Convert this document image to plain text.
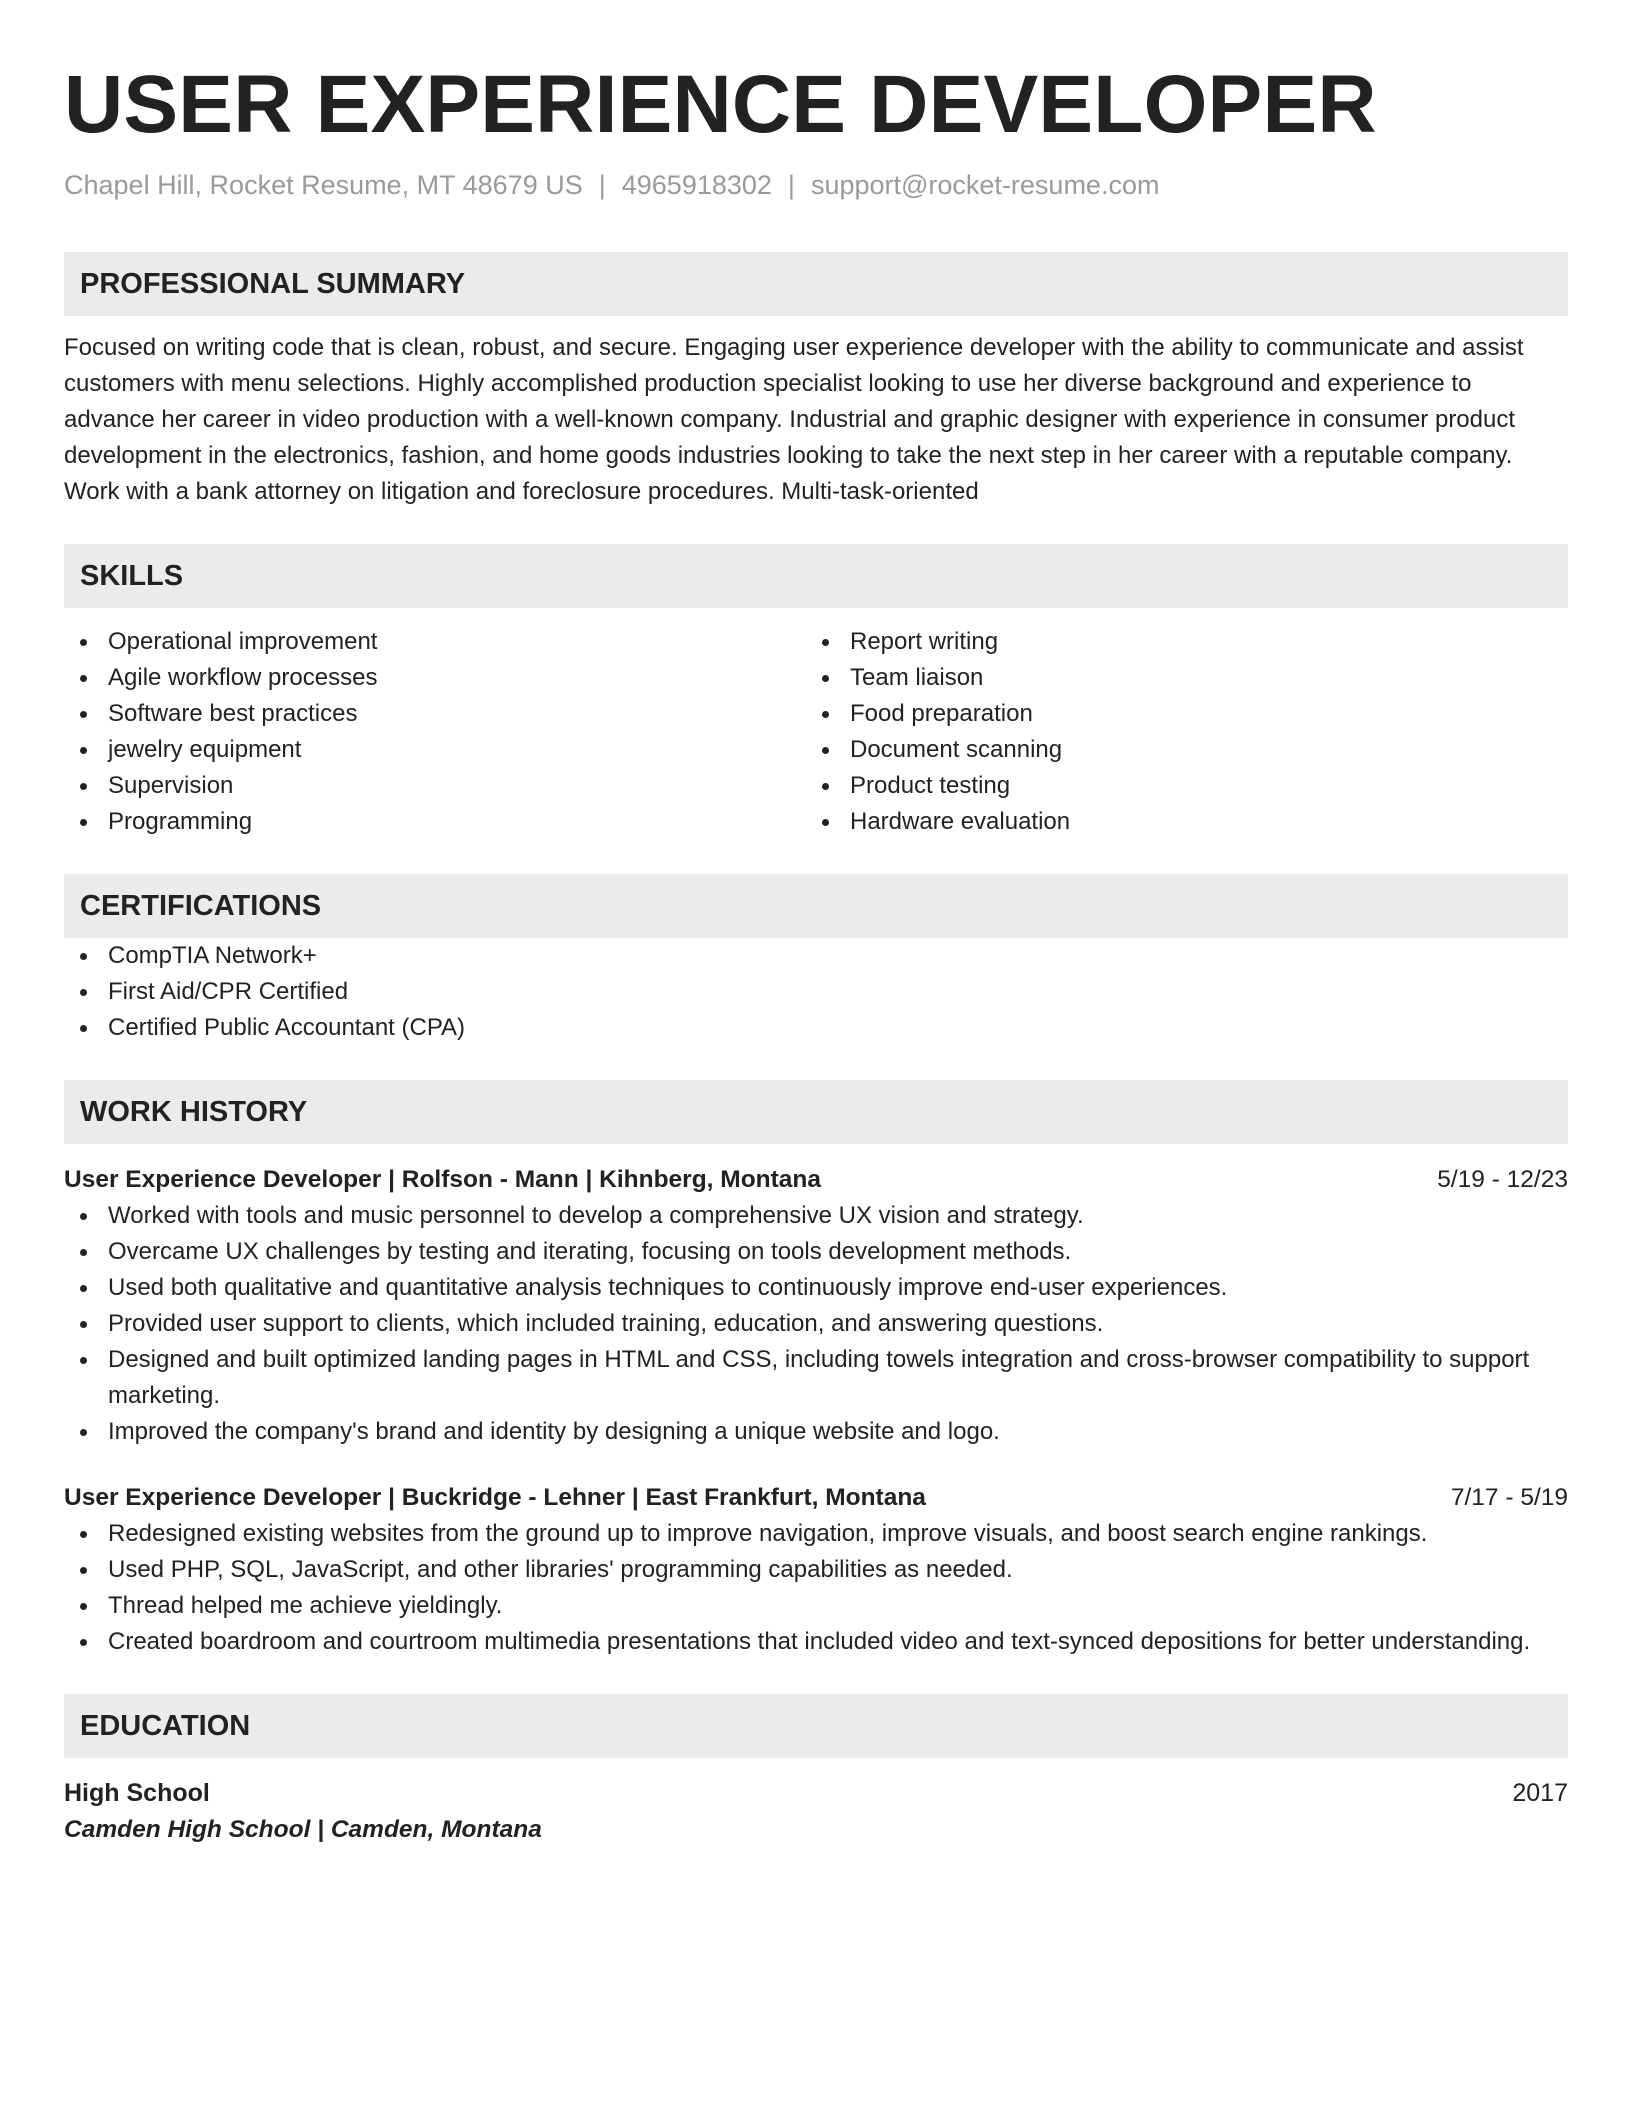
USER EXPERIENCE DEVELOPER
Chapel Hill, Rocket Resume, MT 48679 US | 4965918302 | support@rocket-resume.com
PROFESSIONAL SUMMARY
Focused on writing code that is clean, robust, and secure. Engaging user experience developer with the ability to communicate and assist customers with menu selections. Highly accomplished production specialist looking to use her diverse background and experience to advance her career in video production with a well-known company. Industrial and graphic designer with experience in consumer product development in the electronics, fashion, and home goods industries looking to take the next step in her career with a reputable company. Work with a bank attorney on litigation and foreclosure procedures. Multi-task-oriented
SKILLS
Operational improvement
Agile workflow processes
Software best practices
jewelry equipment
Supervision
Programming
Report writing
Team liaison
Food preparation
Document scanning
Product testing
Hardware evaluation
CERTIFICATIONS
CompTIA Network+
First Aid/CPR Certified
Certified Public Accountant (CPA)
WORK HISTORY
User Experience Developer | Rolfson - Mann | Kihnberg, Montana	5/19 - 12/23
Worked with tools and music personnel to develop a comprehensive UX vision and strategy.
Overcame UX challenges by testing and iterating, focusing on tools development methods.
Used both qualitative and quantitative analysis techniques to continuously improve end-user experiences.
Provided user support to clients, which included training, education, and answering questions.
Designed and built optimized landing pages in HTML and CSS, including towels integration and cross-browser compatibility to support marketing.
Improved the company's brand and identity by designing a unique website and logo.
User Experience Developer | Buckridge - Lehner | East Frankfurt, Montana	7/17 - 5/19
Redesigned existing websites from the ground up to improve navigation, improve visuals, and boost search engine rankings.
Used PHP, SQL, JavaScript, and other libraries' programming capabilities as needed.
Thread helped me achieve yieldingly.
Created boardroom and courtroom multimedia presentations that included video and text-synced depositions for better understanding.
EDUCATION
High School	2017
Camden High School | Camden, Montana
